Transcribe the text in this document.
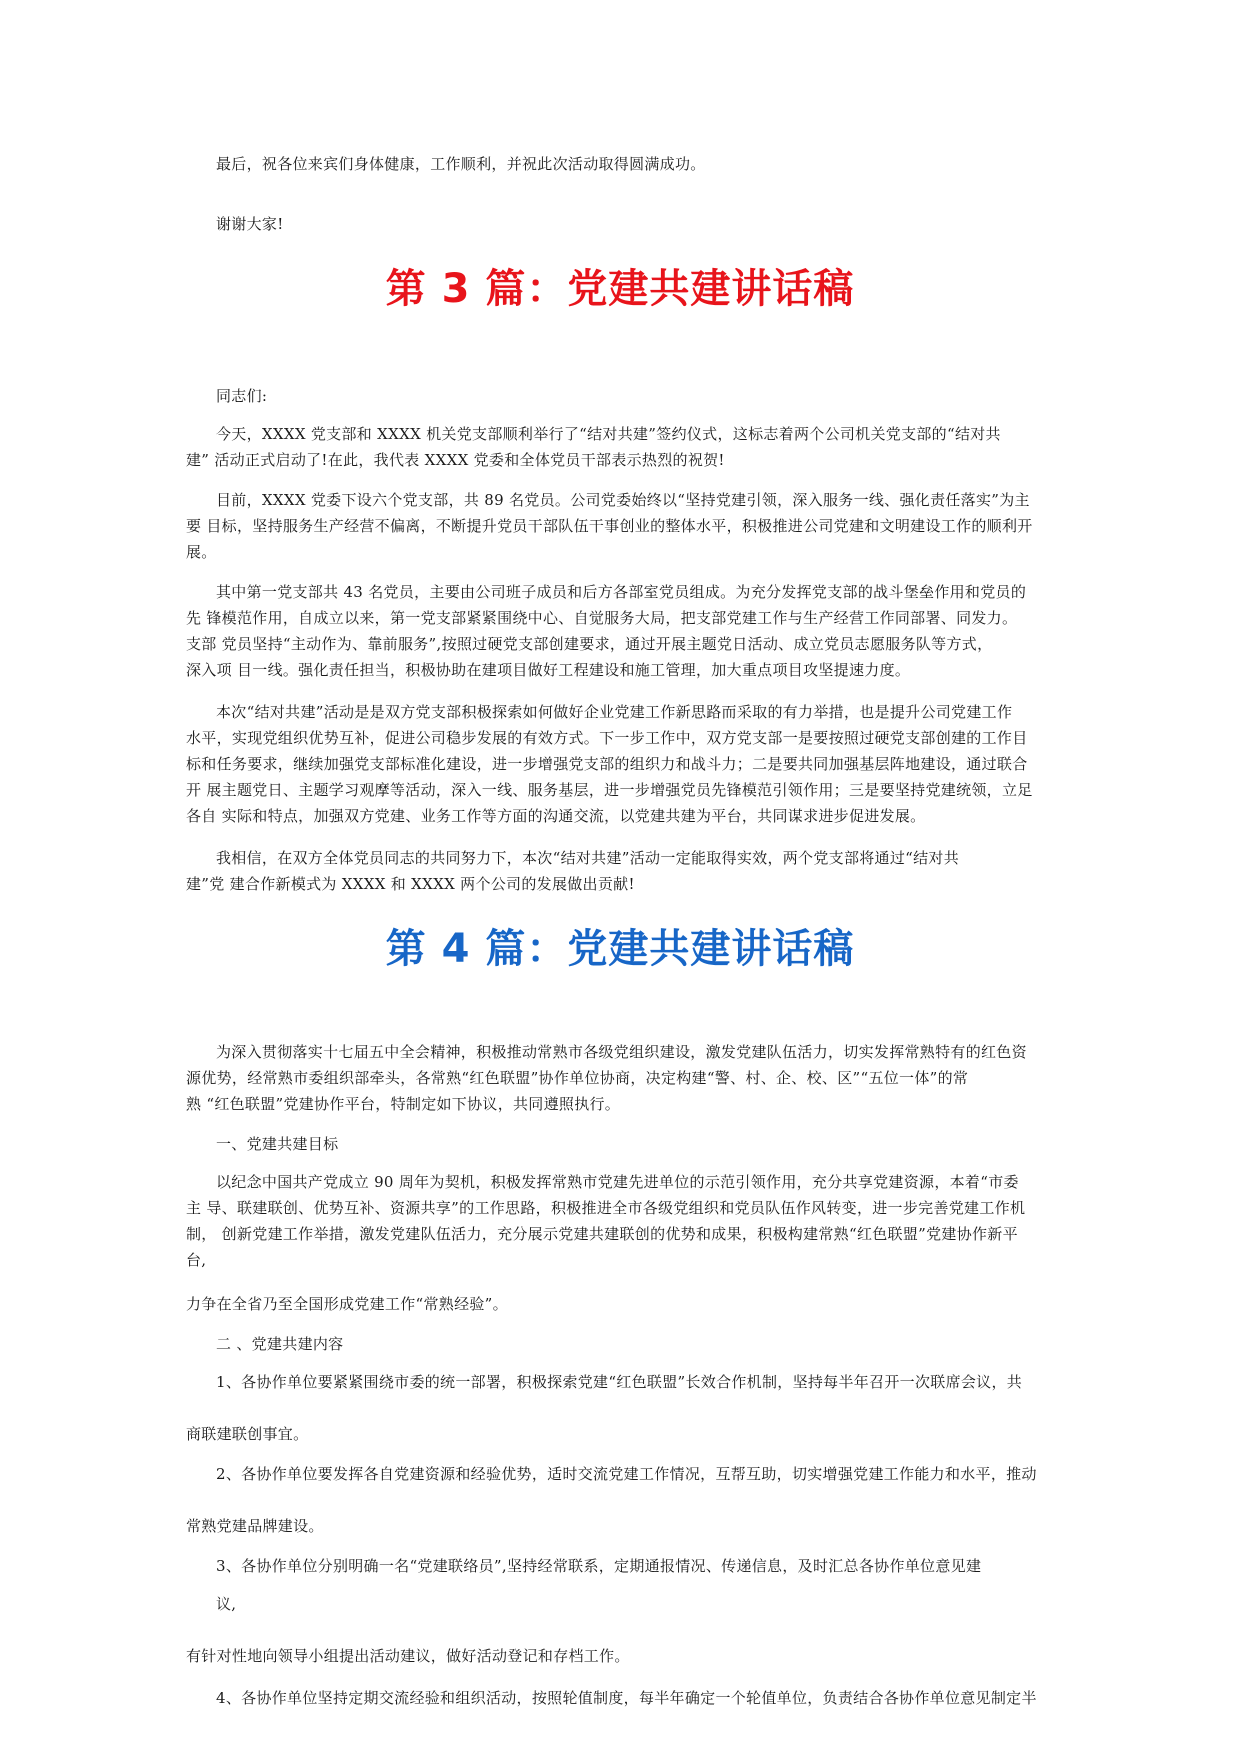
最后，祝各位来宾们身体健康，工作顺利，并祝此次活动取得圆满成功。

谢谢大家!

第 3 篇：党建共建讲话稿

同志们:

今天，XXXX 党支部和 XXXX 机关党支部顺利举行了“结对共建”签约仪式，这标志着两个公司机关党支部的“结对共

建” 活动正式启动了!在此，我代表 XXXX 党委和全体党员干部表示热烈的祝贺!

目前，XXXX 党委下设六个党支部，共 89 名党员。公司党委始终以“坚持党建引领，深入服务一线、强化责任落实”为主

要 目标，坚持服务生产经营不偏离，不断提升党员干部队伍干事创业的整体水平，积极推进公司党建和文明建设工作的顺利开

展。

其中第一党支部共 43 名党员，主要由公司班子成员和后方各部室党员组成。为充分发挥党支部的战斗堡垒作用和党员的

先 锋模范作用，自成立以来，第一党支部紧紧围绕中心、自觉服务大局，把支部党建工作与生产经营工作同部署、同发力。

支部 党员坚持“主动作为、靠前服务”,按照过硬党支部创建要求，通过开展主题党日活动、成立党员志愿服务队等方式，

深入项 目一线。强化责任担当，积极协助在建项目做好工程建设和施工管理，加大重点项目攻坚提速力度。

本次“结对共建”活动是是双方党支部积极探索如何做好企业党建工作新思路而采取的有力举措，也是提升公司党建工作

水平，实现党组织优势互补，促进公司稳步发展的有效方式。下一步工作中，双方党支部一是要按照过硬党支部创建的工作目

标和任务要求，继续加强党支部标准化建设，进一步增强党支部的组织力和战斗力；二是要共同加强基层阵地建设，通过联合

开 展主题党日、主题学习观摩等活动，深入一线、服务基层，进一步增强党员先锋模范引领作用；三是要坚持党建统领，立足

各自 实际和特点，加强双方党建、业务工作等方面的沟通交流，以党建共建为平台，共同谋求进步促进发展。

我相信，在双方全体党员同志的共同努力下，本次“结对共建”活动一定能取得实效，两个党支部将通过“结对共

建”党 建合作新模式为 XXXX 和 XXXX 两个公司的发展做出贡献!

第 4 篇：党建共建讲话稿

为深入贯彻落实十七届五中全会精神，积极推动常熟市各级党组织建设，激发党建队伍活力，切实发挥常熟特有的红色资

源优势，经常熟市委组织部牵头，各常熟“红色联盟”协作单位协商，决定构建“警、村、企、校、区”“五位一体”的常

熟 “红色联盟”党建协作平台，特制定如下协议，共同遵照执行。

一、党建共建目标

以纪念中国共产党成立 90 周年为契机，积极发挥常熟市党建先进单位的示范引领作用，充分共享党建资源，本着“市委

主 导、联建联创、优势互补、资源共享”的工作思路，积极推进全市各级党组织和党员队伍作风转变，进一步完善党建工作机

制， 创新党建工作举措，激发党建队伍活力，充分展示党建共建联创的优势和成果，积极构建常熟“红色联盟”党建协作新平

台,

力争在全省乃至全国形成党建工作“常熟经验”。

二 、党建共建内容

1、各协作单位要紧紧围绕市委的统一部署，积极探索党建“红色联盟”长效合作机制，坚持每半年召开一次联席会议，共

商联建联创事宜。

2、各协作单位要发挥各自党建资源和经验优势，适时交流党建工作情况，互帮互助，切实增强党建工作能力和水平，推动

常熟党建品牌建设。

3、各协作单位分别明确一名“党建联络员”,坚持经常联系，定期通报情况、传递信息，及时汇总各协作单位意见建

议,

有针对性地向领导小组提出活动建议，做好活动登记和存档工作。

4、各协作单位坚持定期交流经验和组织活动，按照轮值制度，每半年确定一个轮值单位，负责结合各协作单位意见制定半
